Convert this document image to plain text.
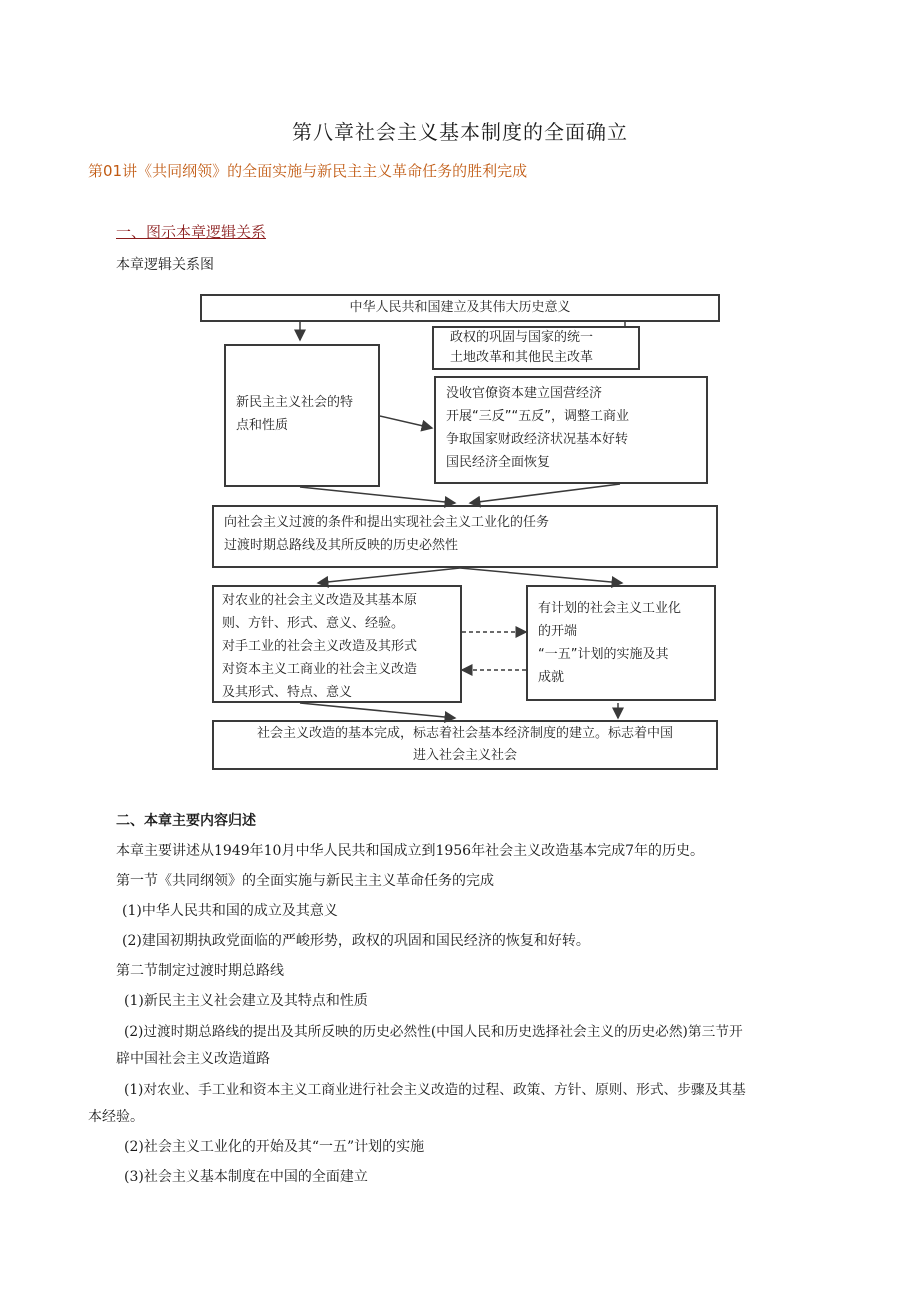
第八章社会主义基本制度的全面确立
第01讲《共同纲领》的全面实施与新民主主义革命任务的胜利完成
一、图示本章逻辑关系
本章逻辑关系图
中华人民共和国建立及其伟大历史意义
政权的巩固与国家的统一
土地改革和其他民主改革
新民主主义社会的特
点和性质
没收官僚资本建立国营经济
开展“三反”“五反”，调整工商业
争取国家财政经济状况基本好转
国民经济全面恢复
向社会主义过渡的条件和提出实现社会主义工业化的任务
过渡时期总路线及其所反映的历史必然性
对农业的社会主义改造及其基本原
则、方针、形式、意义、经验。
对手工业的社会主义改造及其形式
对资本主义工商业的社会主义改造
及其形式、特点、意义
有计划的社会主义工业化
的开端
“一五”计划的实施及其
成就
社会主义改造的基本完成，标志着社会基本经济制度的建立。标志着中国
进入社会主义社会
二、本章主要内容归述
本章主要讲述从1949年10月中华人民共和国成立到1956年社会主义改造基本完成7年的历史。
第一节《共同纲领》的全面实施与新民主主义革命任务的完成
(1)中华人民共和国的成立及其意义
(2)建国初期执政党面临的严峻形势，政权的巩固和国民经济的恢复和好转。
第二节制定过渡时期总路线
(1)新民主主义社会建立及其特点和性质
(2)过渡时期总路线的提出及其所反映的历史必然性(中国人民和历史选择社会主义的历史必然)第三节开
辟中国社会主义改造道路
(1)对农业、手工业和资本主义工商业进行社会主义改造的过程、政策、方针、原则、形式、步骤及其基
本经验。
(2)社会主义工业化的开始及其“一五”计划的实施
(3)社会主义基本制度在中国的全面建立
